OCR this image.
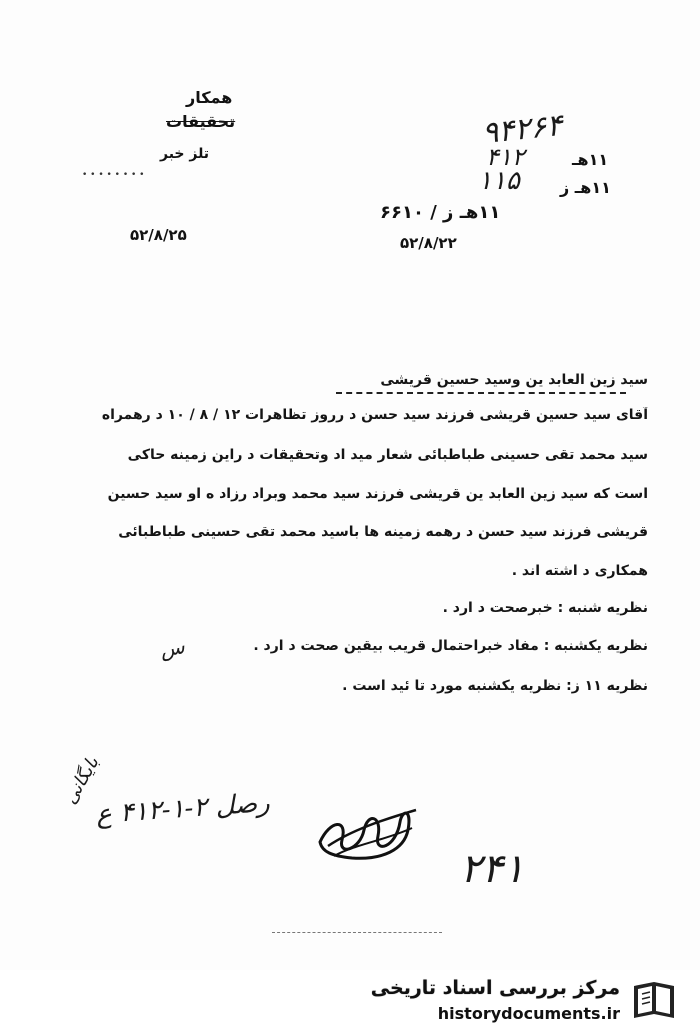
همکار
تحقیقات
تلز خبر
• • • • • • • •
۵۲/۸/۲۵
۹۴۲۶۴
۱۱هـ
۴۱۲
۱۱هـ ز
۱۱۵
۱۱هـ ز / ۶۶۱۰
۵۲/۸/۲۲
سید زین العابد ین وسید حسین قریشی
آقای سید حسین قریشی فرزند سید حسن د رروز تظاهرات ۱۲ / ۸ / ۱۰ د رهمراه
سید محمد تقی حسینی طباطبائی شعار مید اد وتحقیقات د راین زمینه حاکی
است که سید زین العابد ین قریشی فرزند سید محمد وبراد رزاد ه او سید حسین
قریشی فرزند سید حسن د رهمه زمینه ها باسید محمد تقی حسینی طباطبائی
همکاری د اشته اند .
نظریه شنبه : خبرصحت د ارد .
نظریه یکشنبه : مفاد خبراحتمال قریب بیقین صحت د ارد .
نظریه ۱۱ ز: نظریه یکشنبه مورد تا ئید است .
س
رصل ۲-۱-۴۱۲ ع
بایگانی
۲۴۱
مرکز بررسی اسناد تاریخی
historydocuments.ir
